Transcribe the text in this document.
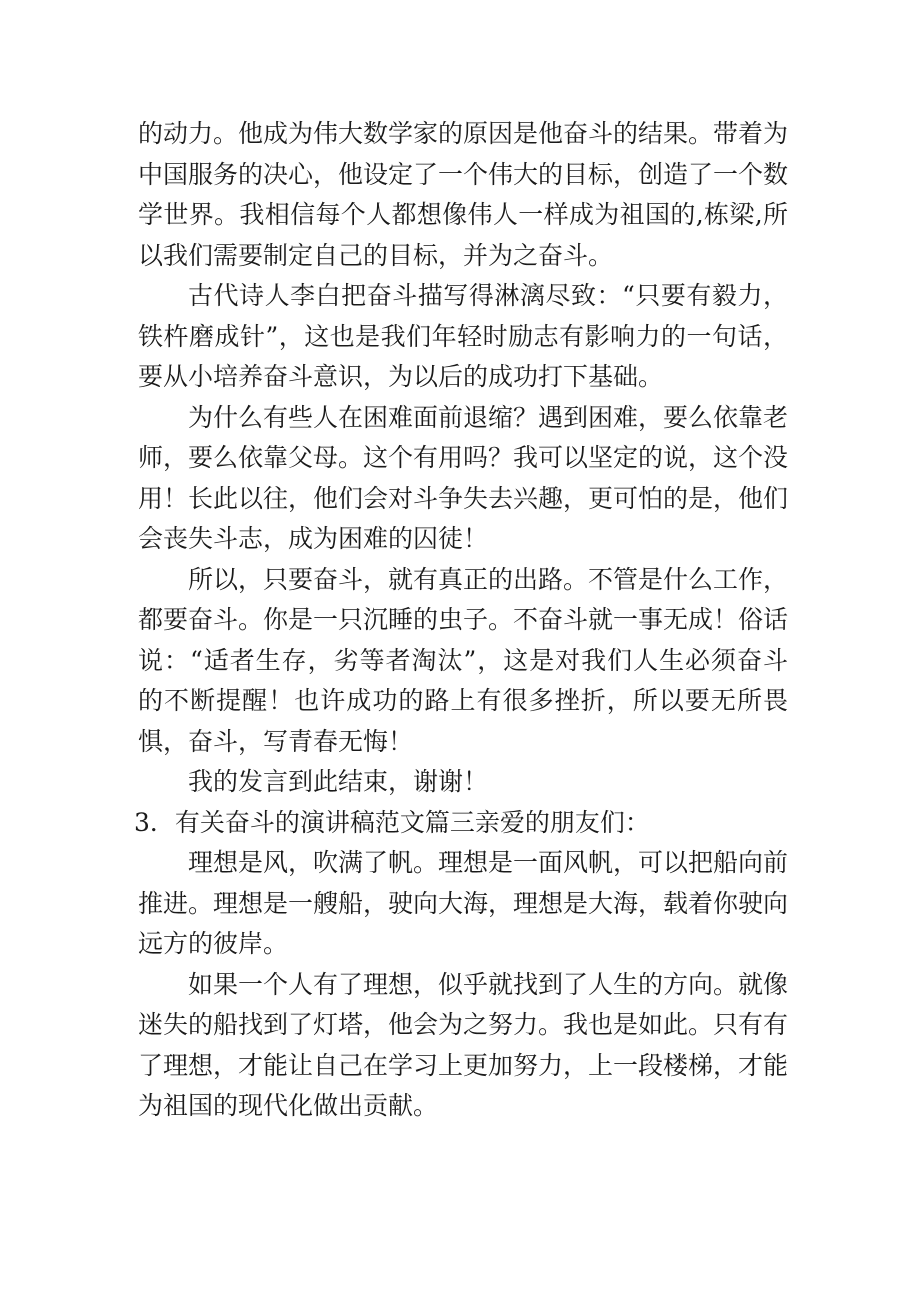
的动力。他成为伟大数学家的原因是他奋斗的结果。带着为中国服务的决心，他设定了一个伟大的目标，创造了一个数学世界。我相信每个人都想像伟人一样成为祖国的,栋梁,所以我们需要制定自己的目标，并为之奋斗。

古代诗人李白把奋斗描写得淋漓尽致：“只要有毅力，铁杵磨成针”，这也是我们年轻时励志有影响力的一句话，要从小培养奋斗意识，为以后的成功打下基础。

为什么有些人在困难面前退缩？遇到困难，要么依靠老师，要么依靠父母。这个有用吗？我可以坚定的说，这个没用！长此以往，他们会对斗争失去兴趣，更可怕的是，他们会丧失斗志，成为困难的囚徒！

所以，只要奋斗，就有真正的出路。不管是什么工作，都要奋斗。你是一只沉睡的虫子。不奋斗就一事无成！俗话说：“适者生存，劣等者淘汰”，这是对我们人生必须奋斗的不断提醒！也许成功的路上有很多挫折，所以要无所畏惧，奋斗，写青春无悔！

我的发言到此结束，谢谢！

3．有关奋斗的演讲稿范文篇三亲爱的朋友们：

理想是风，吹满了帆。理想是一面风帆，可以把船向前推进。理想是一艘船，驶向大海，理想是大海，载着你驶向远方的彼岸。

如果一个人有了理想，似乎就找到了人生的方向。就像迷失的船找到了灯塔，他会为之努力。我也是如此。只有有了理想，才能让自己在学习上更加努力，上一段楼梯，才能为祖国的现代化做出贡献。
